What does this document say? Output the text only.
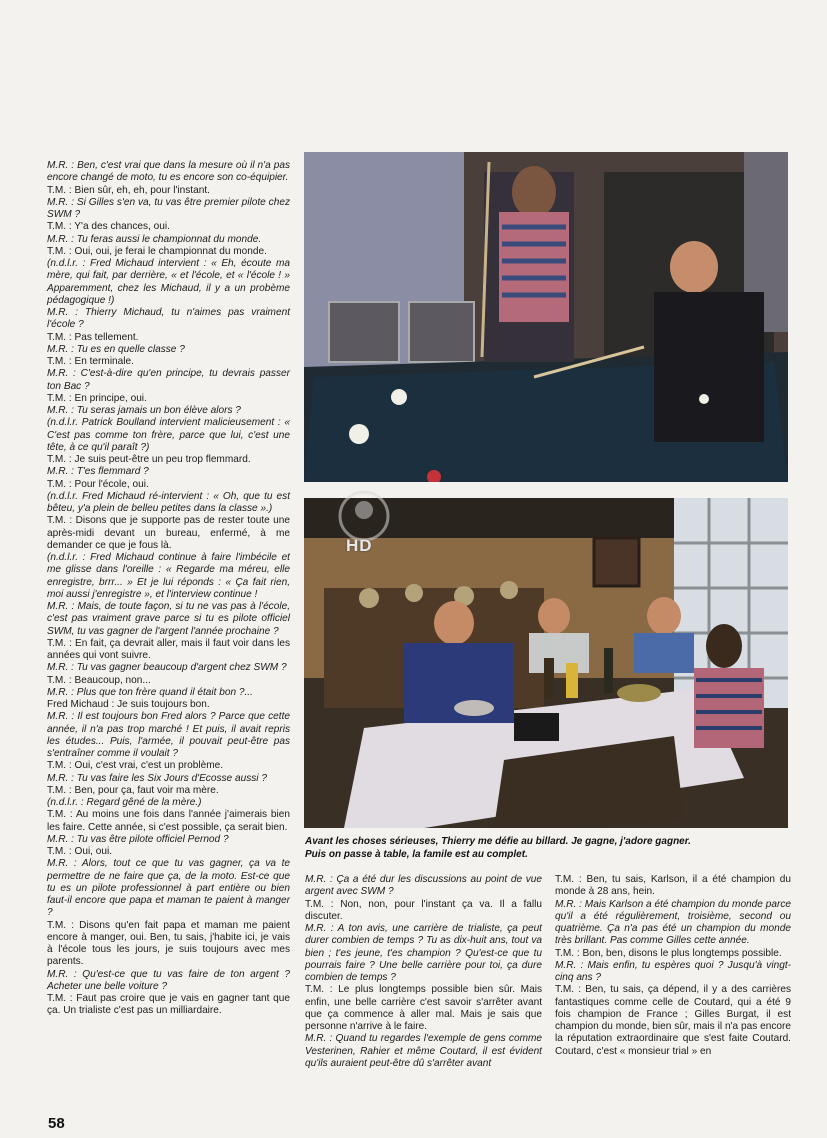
M.R. : Ben, c'est vrai que dans la mesure où il n'a pas encore changé de moto, tu es encore son co-équipier.

T.M. : Bien sûr, eh, eh, pour l'instant.

M.R. : Si Gilles s'en va, tu vas être premier pilote chez SWM ?

T.M. : Y'a des chances, oui.

M.R. : Tu feras aussi le championnat du monde.

T.M. : Oui, oui, je ferai le championnat du monde.

(n.d.l.r. : Fred Michaud intervient : « Eh, écoute ma mère, qui fait, par derrière, « et l'école, et « l'école ! » Apparemment, chez les Michaud, il y a un probème pédagogique !)

M.R. : Thierry Michaud, tu n'aimes pas vraiment l'école ?

T.M. : Pas tellement.

M.R. : Tu es en quelle classe ?

T.M. : En terminale.

M.R. : C'est-à-dire qu'en principe, tu devrais passer ton Bac ?

T.M. : En principe, oui.

M.R. : Tu seras jamais un bon élève alors ?

(n.d.l.r. Patrick Boulland intervient malicieusement : « C'est pas comme ton frère, parce que lui, c'est une tête, à ce qu'il paraît ?)

T.M. : Je suis peut-être un peu trop flemmard.

M.R. : T'es flemmard ?

T.M. : Pour l'école, oui.

(n.d.l.r. Fred Michaud ré-intervient : « Oh, que tu est bêteu, y'a plein de belleu petites dans la classe ».)

T.M. : Disons que je supporte pas de rester toute une après-midi devant un bureau, enfermé, à me demander ce que je fous là.

(n.d.l.r. : Fred Michaud continue à faire l'imbécile et me glisse dans l'oreille : « Regarde ma méreu, elle enregistre, brrr... » Et je lui réponds : « Ça fait rien, moi aussi j'enregistre », et l'interview continue !

M.R. : Mais, de toute façon, si tu ne vas pas à l'école, c'est pas vraiment grave parce si tu es pilote officiel SWM, tu vas gagner de l'argent l'année prochaine ?

T.M. : En fait, ça devrait aller, mais il faut voir dans les années qui vont suivre.

M.R. : Tu vas gagner beaucoup d'argent chez SWM ?

T.M. : Beaucoup, non...

M.R. : Plus que ton frère quand il était bon ?...

Fred Michaud : Je suis toujours bon.

M.R. : Il est toujours bon Fred alors ? Parce que cette année, il n'a pas trop marché ! Et puis, il avait repris les études... Puis, l'armée, il pouvait peut-être pas s'entraîner comme il voulait ?

T.M. : Oui, c'est vrai, c'est un problème.

M.R. : Tu vas faire les Six Jours d'Ecosse aussi ?

T.M. : Ben, pour ça, faut voir ma mère.

(n.d.l.r. : Regard gêné de la mère.)

T.M. : Au moins une fois dans l'année j'aimerais bien les faire. Cette année, si c'est possible, ça serait bien.

M.R. : Tu vas être pilote officiel Pernod ?

T.M. : Oui, oui.

M.R. : Alors, tout ce que tu vas gagner, ça va te permettre de ne faire que ça, de la moto. Est-ce que tu es un pilote professionnel à part entière ou bien faut-il encore que papa et maman te paient à manger ?

T.M. : Disons qu'en fait papa et maman me paient encore à manger, oui. Ben, tu sais, j'habite ici, je vais à l'école tous les jours, je suis toujours avec mes parents.

M.R. : Qu'est-ce que tu vas faire de ton argent ? Acheter une belle voiture ?

T.M. : Faut pas croire que je vais en gagner tant que ça. Un trialiste c'est pas un milliardaire.

HD
Avant les choses sérieuses, Thierry me défie au billard. Je gagne, j'adore gagner.
Puis on passe à table, la famile est au complet.

M.R. : Ça a été dur les discussions au point de vue argent avec SWM ?

T.M. : Non, non, pour l'instant ça va. Il a fallu discuter.

M.R. : A ton avis, une carrière de trialiste, ça peut durer combien de temps ? Tu as dix-huit ans, tout va bien ; t'es jeune, t'es champion ? Qu'est-ce que tu pourrais faire ? Une belle carrière pour toi, ça dure combien de temps ?

T.M. : Le plus longtemps possible bien sûr. Mais enfin, une belle carrière c'est savoir s'arrêter avant que ça commence à aller mal. Mais je sais que personne n'arrive à le faire.

M.R. : Quand tu regardes l'exemple de gens comme Vesterinen, Rahier et même Coutard, il est évident qu'ils auraient peut-être dû s'arrêter avant

T.M. : Ben, tu sais, Karlson, il a été champion du monde à 28 ans, hein.

M.R. : Mais Karlson a été champion du monde parce qu'il a été régulièrement, troisième, second ou quatrième. Ça n'a pas été un champion du monde très brillant. Pas comme Gilles cette année.

T.M. : Bon, ben, disons le plus longtemps possible.

M.R. : Mais enfin, tu espères quoi ? Jusqu'à vingt-cinq ans ?

T.M. : Ben, tu sais, ça dépend, il y a des carrières fantastiques comme celle de Coutard, qui a été 9 fois champion de France ; Gilles Burgat, il est champion du monde, bien sûr, mais il n'a pas encore la réputation extraordinaire que s'est faite Coutard. Coutard, c'est « monsieur trial » en

58
